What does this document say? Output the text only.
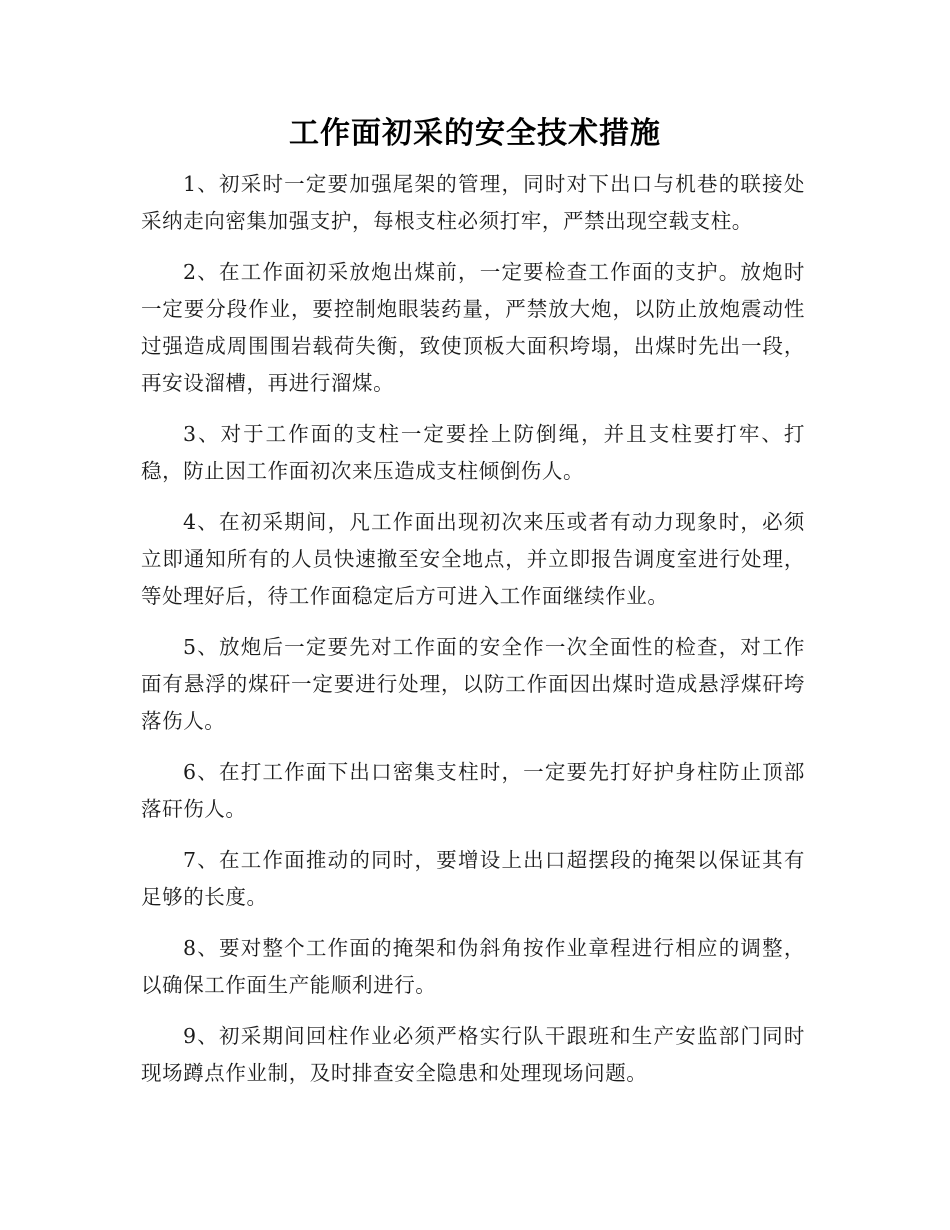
工作面初采的安全技术措施

1、初采时一定要加强尾架的管理，同时对下出口与机巷的联接处采纳走向密集加强支护，每根支柱必须打牢，严禁出现空载支柱。

2、在工作面初采放炮出煤前，一定要检查工作面的支护。放炮时一定要分段作业，要控制炮眼装药量，严禁放大炮，以防止放炮震动性过强造成周围围岩载荷失衡，致使顶板大面积垮塌，出煤时先出一段，再安设溜槽，再进行溜煤。

3、对于工作面的支柱一定要拴上防倒绳，并且支柱要打牢、打稳，防止因工作面初次来压造成支柱倾倒伤人。

4、在初采期间，凡工作面出现初次来压或者有动力现象时，必须立即通知所有的人员快速撤至安全地点，并立即报告调度室进行处理，等处理好后，待工作面稳定后方可进入工作面继续作业。

5、放炮后一定要先对工作面的安全作一次全面性的检查，对工作面有悬浮的煤矸一定要进行处理，以防工作面因出煤时造成悬浮煤矸垮落伤人。

6、在打工作面下出口密集支柱时，一定要先打好护身柱防止顶部落矸伤人。

7、在工作面推动的同时，要增设上出口超摆段的掩架以保证其有足够的长度。

8、要对整个工作面的掩架和伪斜角按作业章程进行相应的调整，以确保工作面生产能顺利进行。

9、初采期间回柱作业必须严格实行队干跟班和生产安监部门同时现场蹲点作业制，及时排查安全隐患和处理现场问题。
